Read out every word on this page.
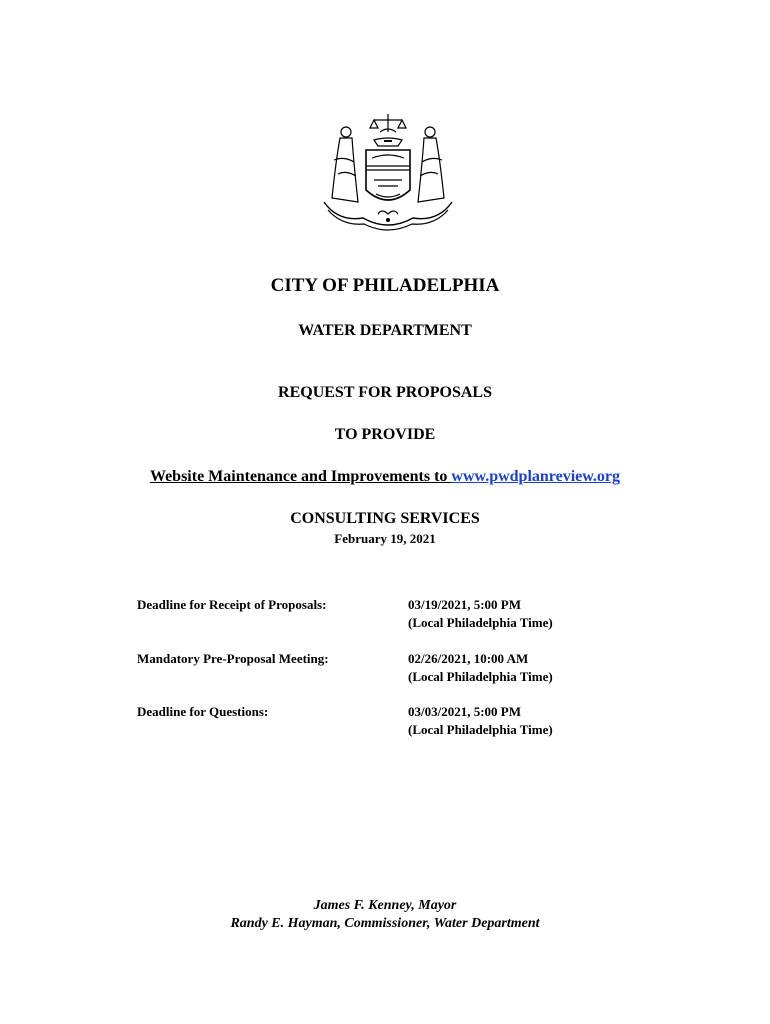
CITY OF PHILADELPHIA
WATER DEPARTMENT
REQUEST FOR PROPOSALS
TO PROVIDE
Website Maintenance and Improvements to www.pwdplanreview.org
CONSULTING SERVICES
February 19, 2021
Deadline for Receipt of Proposals:	03/19/2021, 5:00 PM
(Local Philadelphia Time)
Mandatory Pre-Proposal Meeting:	02/26/2021, 10:00 AM
(Local Philadelphia Time)
Deadline for Questions:	03/03/2021, 5:00 PM
(Local Philadelphia Time)
James F. Kenney, Mayor
Randy E. Hayman, Commissioner, Water Department
